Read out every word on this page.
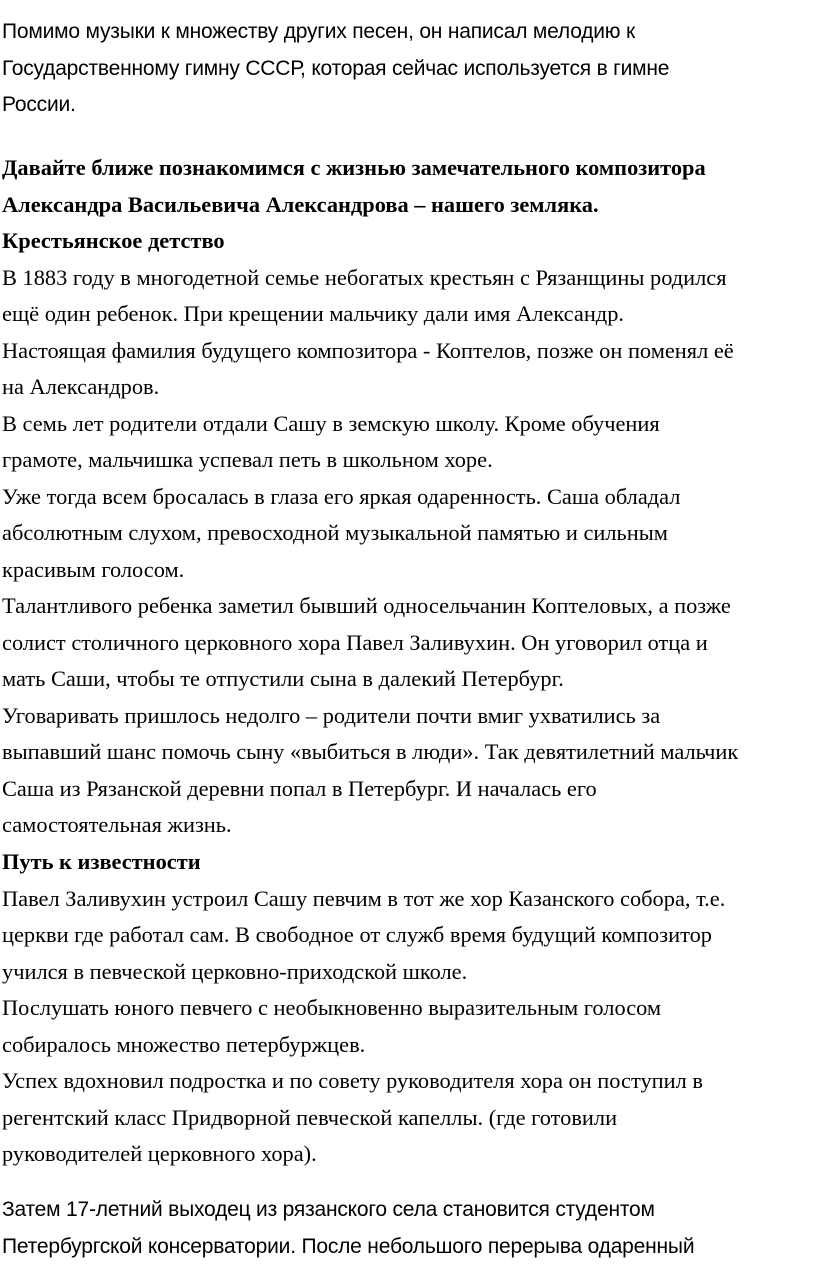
Помимо музыки к множеству других песен, он написал мелодию к
Государственному гимну СССР, которая сейчас используется в гимне
России.
Давайте ближе познакомимся с жизнью замечательного композитора
Александра Васильевича Александрова – нашего земляка.
Крестьянское детство
В 1883 году в многодетной семье небогатых крестьян с Рязанщины родился
ещё один ребенок. При крещении мальчику дали имя Александр.
Настоящая фамилия будущего композитора - Коптелов, позже он поменял её
на Александров.
В семь лет родители отдали Сашу в земскую школу. Кроме обучения
грамоте, мальчишка успевал петь в школьном хоре.
Уже тогда всем бросалась в глаза его яркая одаренность. Саша обладал
абсолютным слухом, превосходной музыкальной памятью и сильным
красивым голосом.
Талантливого ребенка заметил бывший односельчанин Коптеловых, а позже
солист столичного церковного хора Павел Заливухин. Он уговорил отца и
мать Саши, чтобы те отпустили сына в далекий Петербург.
Уговаривать пришлось недолго – родители почти вмиг ухватились за
выпавший шанс помочь сыну «выбиться в люди». Так девятилетний мальчик
Саша из Рязанской деревни попал в Петербург. И началась его
самостоятельная жизнь.
Путь к известности
Павел Заливухин устроил Сашу певчим в тот же хор Казанского собора, т.е.
церкви где работал сам. В свободное от служб время будущий композитор
учился в певческой церковно-приходской школе.
Послушать юного певчего с необыкновенно выразительным голосом
собиралось множество петербуржцев.
Успех вдохновил подростка и по совету руководителя хора он поступил в
регентский класс Придворной певческой капеллы. (где готовили
руководителей церковного хора).
Затем 17-летний выходец из рязанского села становится студентом
Петербургской консерватории. После небольшого перерыва одаренный
